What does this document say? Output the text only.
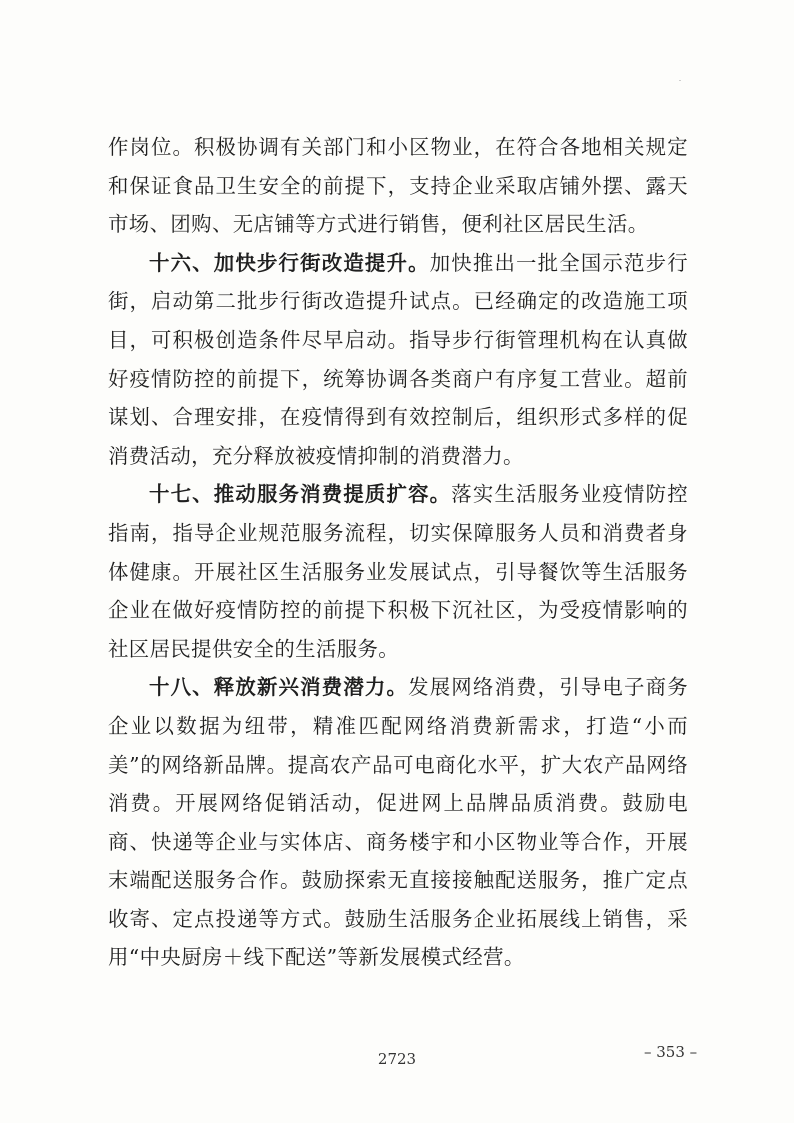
作岗位。积极协调有关部门和小区物业，在符合各地相关规定和保证食品卫生安全的前提下，支持企业采取店铺外摆、露天市场、团购、无店铺等方式进行销售，便利社区居民生活。

十六、加快步行街改造提升。加快推出一批全国示范步行街，启动第二批步行街改造提升试点。已经确定的改造施工项目，可积极创造条件尽早启动。指导步行街管理机构在认真做好疫情防控的前提下，统筹协调各类商户有序复工营业。超前谋划、合理安排，在疫情得到有效控制后，组织形式多样的促消费活动，充分释放被疫情抑制的消费潜力。

十七、推动服务消费提质扩容。落实生活服务业疫情防控指南，指导企业规范服务流程，切实保障服务人员和消费者身体健康。开展社区生活服务业发展试点，引导餐饮等生活服务企业在做好疫情防控的前提下积极下沉社区，为受疫情影响的社区居民提供安全的生活服务。

十八、释放新兴消费潜力。发展网络消费，引导电子商务企业以数据为纽带，精准匹配网络消费新需求，打造“小而美”的网络新品牌。提高农产品可电商化水平，扩大农产品网络消费。开展网络促销活动，促进网上品牌品质消费。鼓励电商、快递等企业与实体店、商务楼宇和小区物业等合作，开展末端配送服务合作。鼓励探索无直接接触配送服务，推广定点收寄、定点投递等方式。鼓励生活服务企业拓展线上销售，采用“中央厨房＋线下配送”等新发展模式经营。

2723	– 353 –
